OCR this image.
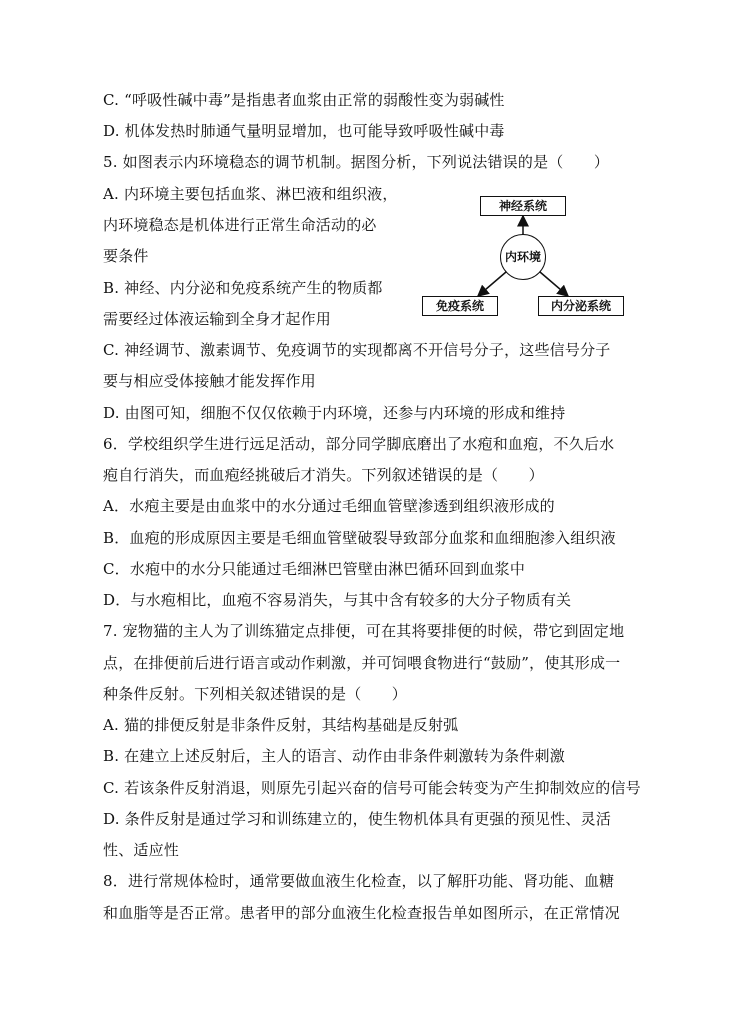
C. “呼吸性碱中毒”是指患者血浆由正常的弱酸性变为弱碱性
D. 机体发热时肺通气量明显增加，也可能导致呼吸性碱中毒
5. 如图表示内环境稳态的调节机制。据图分析，下列说法错误的是（　　）
A. 内环境主要包括血浆、淋巴液和组织液，
内环境稳态是机体进行正常生命活动的必
要条件
B. 神经、内分泌和免疫系统产生的物质都
需要经过体液运输到全身才起作用
C. 神经调节、激素调节、免疫调节的实现都离不开信号分子，这些信号分子
要与相应受体接触才能发挥作用
D. 由图可知，细胞不仅仅依赖于内环境，还参与内环境的形成和维持
神经系统
内环境
免疫系统	内分泌系统
6．学校组织学生进行远足活动，部分同学脚底磨出了水疱和血疱，不久后水
疱自行消失，而血疱经挑破后才消失。下列叙述错误的是（　　）
A．水疱主要是由血浆中的水分通过毛细血管壁渗透到组织液形成的
B．血疱的形成原因主要是毛细血管壁破裂导致部分血浆和血细胞渗入组织液
C．水疱中的水分只能通过毛细淋巴管壁由淋巴循环回到血浆中
D．与水疱相比，血疱不容易消失，与其中含有较多的大分子物质有关
7. 宠物猫的主人为了训练猫定点排便，可在其将要排便的时候，带它到固定地
点，在排便前后进行语言或动作刺激，并可饲喂食物进行“鼓励”，使其形成一
种条件反射。下列相关叙述错误的是（　　）
A. 猫的排便反射是非条件反射，其结构基础是反射弧
B. 在建立上述反射后，主人的语言、动作由非条件刺激转为条件刺激
C. 若该条件反射消退，则原先引起兴奋的信号可能会转变为产生抑制效应的信号
D. 条件反射是通过学习和训练建立的，使生物机体具有更强的预见性、灵活
性、适应性
8．进行常规体检时，通常要做血液生化检查，以了解肝功能、肾功能、血糖
和血脂等是否正常。患者甲的部分血液生化检查报告单如图所示，在正常情况
